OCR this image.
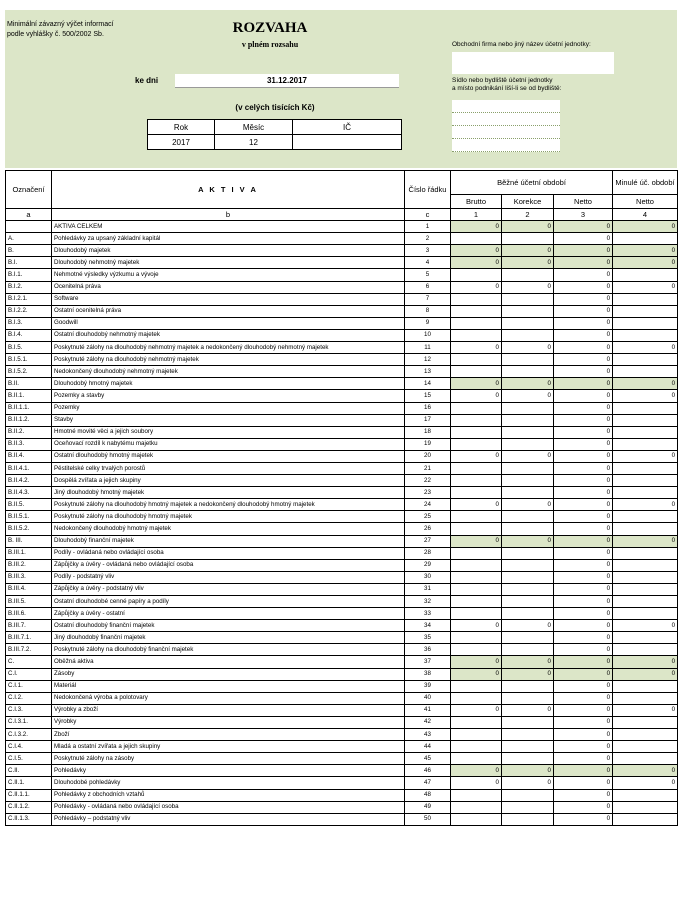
Minimální závazný výčet informací
podle vyhlášky č. 500/2002 Sb.	ROZVAHA
v plném rozsahu
ke dni	31.12.2017
(v celých tisících Kč)
Rok	Měsíc	IČ
2017	12	
Obchodní firma nebo jiný název účetní jednotky:
Sídlo nebo bydliště účetní jednotky
a místo podnikání liší-li se od bydliště:
Označení	A K T I V A	Číslo řádku	Běžné účetní období			Minulé úč. období
			Brutto	Korekce	Netto	Netto
a	b	c	1	2	3	4
	AKTIVA CELKEM	1	0	0	0	0
A.	Pohledávky za upsaný základní kapitál	2			0	
B.	Dlouhodobý majetek	3	0	0	0	0
B.I.	Dlouhodobý nehmotný majetek	4	0	0	0	0
B.I.1.	Nehmotné výsledky výzkumu a vývoje	5			0	
B.I.2.	Ocenitelná práva	6	0	0	0	0
B.I.2.1.	Software	7			0	
B.I.2.2.	Ostatní ocenitelná práva	8			0	
B.I.3.	Goodwill	9			0	
B.I.4.	Ostatní dlouhodobý nehmotný majetek	10			0	
B.I.5.	Poskytnuté zálohy na dlouhodobý nehmotný majetek a nedokončený dlouhodobý nehmotný majetek	11	0	0	0	0
B.I.5.1.	Poskytnuté zálohy na dlouhodobý nehmotný majetek	12			0	
B.I.5.2.	Nedokončený dlouhodobý nehmotný majetek	13			0	
B.II.	Dlouhodobý hmotný majetek	14	0	0	0	0
B.II.1.	Pozemky a stavby	15	0	0	0	0
B.II.1.1.	Pozemky	16			0	
B.II.1.2.	Stavby	17			0	
B.II.2.	Hmotné movité věci a jejich soubory	18			0	
B.II.3.	Oceňovací rozdíl k nabytému majetku	19			0	
B.II.4.	Ostatní dlouhodobý hmotný majetek	20	0	0	0	0
B.II.4.1.	Pěstitelské celky trvalých porostů	21			0	
B.II.4.2.	Dospělá zvířata a jejich skupiny	22			0	
B.II.4.3.	Jiný dlouhodobý hmotný majetek	23			0	
B.II.5.	Poskytnuté zálohy na dlouhodobý hmotný majetek a nedokončený dlouhodobý hmotný majetek	24	0	0	0	0
B.II.5.1.	Poskytnuté zálohy na dlouhodobý hmotný majetek	25			0	
B.II.5.2.	Nedokončený dlouhodobý hmotný majetek	26			0	
B. III.	Dlouhodobý finanční majetek	27	0	0	0	0
B.III.1.	Podíly - ovládaná nebo ovládající osoba	28			0	
B.III.2.	Zápůjčky a úvěry - ovládaná nebo ovládající osoba	29			0	
B.III.3.	Podíly - podstatný vliv	30			0	
B.III.4.	Zápůjčky a úvěry - podstatný vliv	31			0	
B.III.5.	Ostatní dlouhodobé cenné papíry a podíly	32			0	
B.III.6.	Zápůjčky a úvěry - ostatní	33			0	
B.III.7.	Ostatní dlouhodobý finanční majetek	34	0	0	0	0
B.III.7.1.	Jiný dlouhodobý finanční majetek	35			0	
B.III.7.2.	Poskytnuté zálohy na dlouhodobý finanční majetek	36			0	
C.	Oběžná aktiva	37	0	0	0	0
C.I.	Zásoby	38	0	0	0	0
C.I.1.	Materiál	39			0	
C.I.2.	Nedokončená výroba a polotovary	40			0	
C.I.3.	Výrobky a zboží	41	0	0	0	0
C.I.3.1.	Výrobky	42			0	
C.I.3.2.	Zboží	43			0	
C.I.4.	Mladá a ostatní zvířata a jejich skupiny	44			0	
C.I.5.	Poskytnuté zálohy na zásoby	45			0	
C.II.	Pohledávky	46	0	0	0	0
C.II.1.	Dlouhodobé pohledávky	47	0	0	0	0
C.II.1.1.	Pohledávky z obchodních vztahů	48			0	
C.II.1.2.	Pohledávky - ovládaná nebo ovládající osoba	49			0	
C.II.1.3.	Pohledávky – podstatný vliv	50			0	
